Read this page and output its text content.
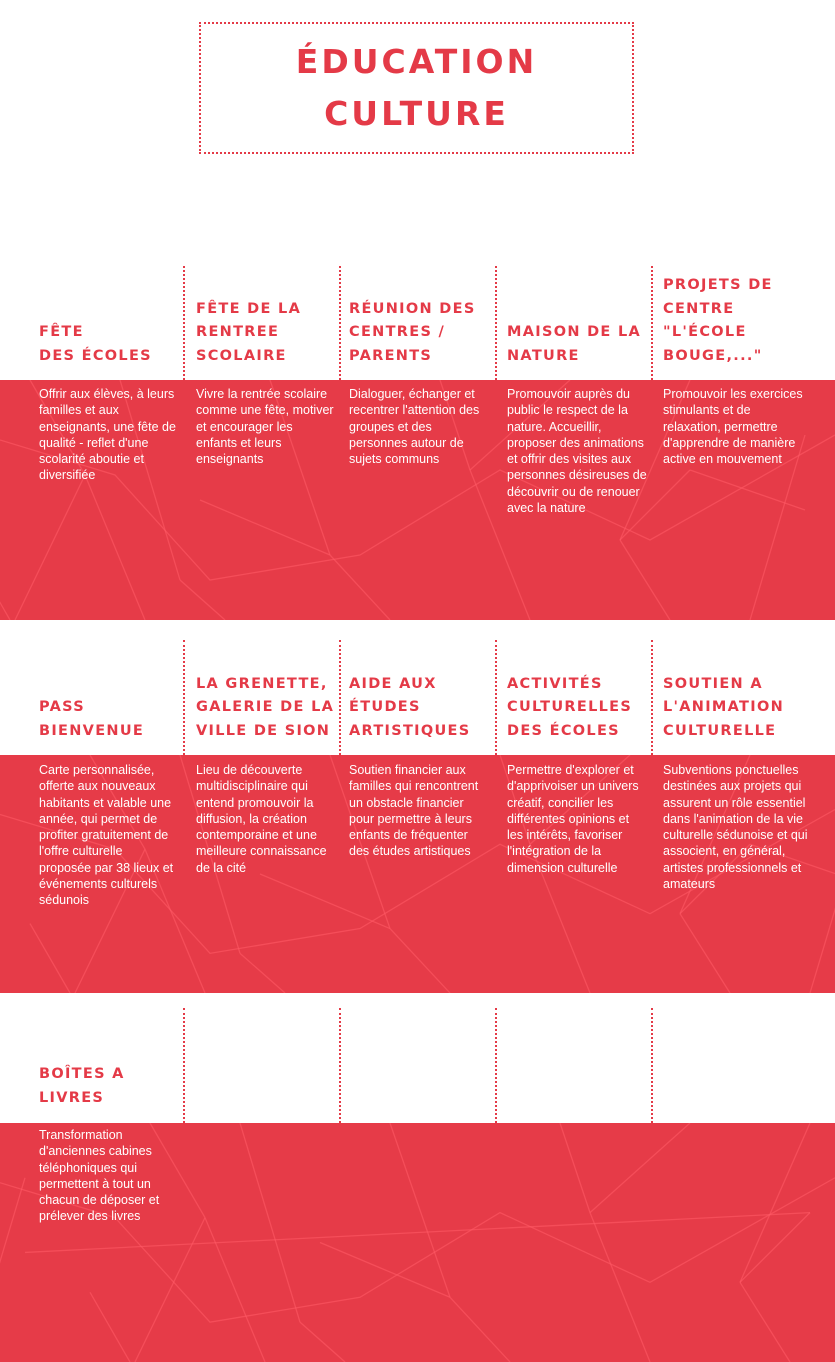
ÉDUCATION
CULTURE
FÊTE
DES ÉCOLES
Offrir aux élèves, à leurs familles et aux enseignants, une fête de qualité - reflet d'une scolarité aboutie et diversifiée
FÊTE DE LA
RENTREE
SCOLAIRE
Vivre la rentrée scolaire comme une fête, motiver et encourager les enfants et leurs enseignants
RÉUNION DES
CENTRES /
PARENTS
Dialoguer, échanger et recentrer l'attention des groupes et des personnes autour de sujets communs
MAISON DE LA
NATURE
Promouvoir auprès du public le respect de la nature. Accueillir, proposer des animations et offrir des visites aux personnes désireuses de découvrir ou de renouer avec la nature
PROJETS DE
CENTRE "L'ÉCOLE
BOUGE,..."
Promouvoir les exercices stimulants et de relaxation, permettre d'apprendre de manière active en mouvement
PASS BIENVENUE
Carte personnalisée, offerte aux nouveaux habitants et valable une année, qui permet de profiter gratuitement de l'offre culturelle proposée par 38 lieux et événements culturels sédunois
LA GRENETTE,
GALERIE DE LA
VILLE DE SION
Lieu de découverte multidisciplinaire qui entend promouvoir la diffusion, la création contemporaine et une meilleure connaissance de la cité
AIDE AUX
ÉTUDES
ARTISTIQUES
Soutien financier aux familles qui rencontrent un obstacle financier pour permettre à leurs enfants de fréquenter des études artistiques
ACTIVITÉS
CULTURELLES
DES ÉCOLES
Permettre d'explorer et d'apprivoiser un univers créatif, concilier les différentes opinions et les intérêts, favoriser l'intégration de la dimension culturelle
SOUTIEN A
L'ANIMATION
CULTURELLE
Subventions ponctuelles destinées aux projets qui assurent un rôle essentiel dans l'animation de la vie culturelle sédunoise et qui associent, en général, artistes professionnels et amateurs
BOÎTES A LIVRES
Transformation d'anciennes cabines téléphoniques qui permettent à tout un chacun de déposer et prélever des livres
